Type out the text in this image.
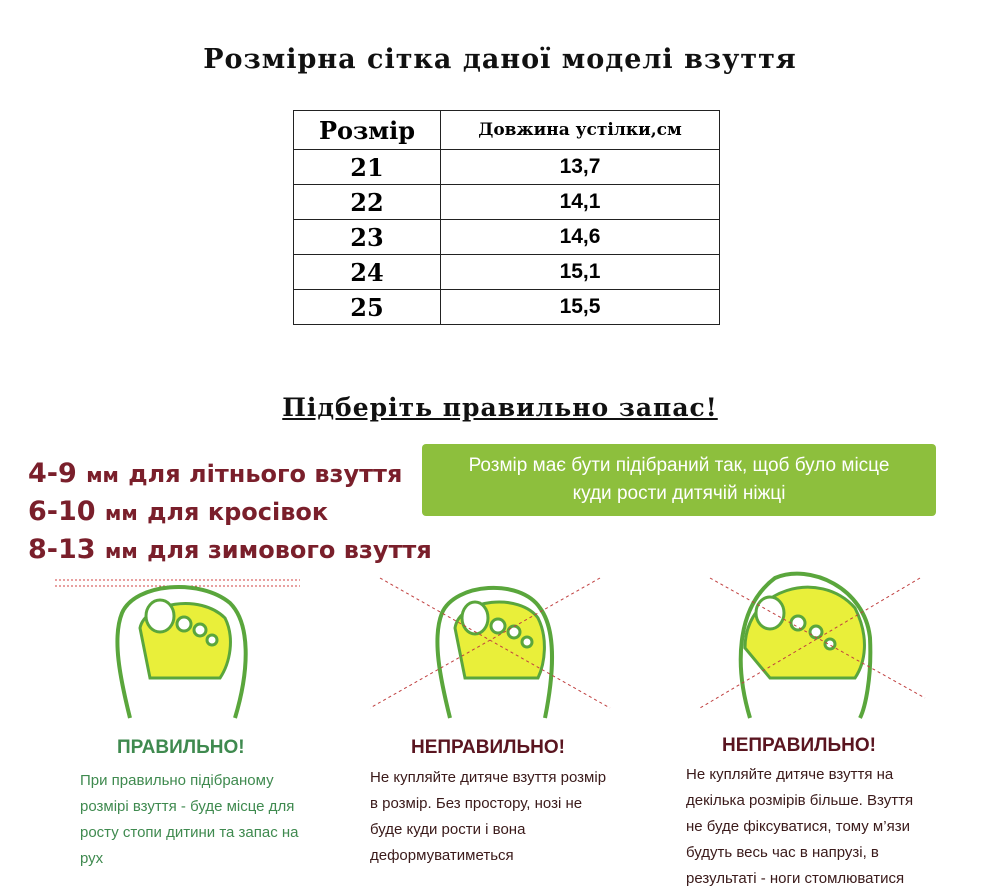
Розмірна сітка даної моделі взуття
Розмір	Довжина устілки,см
21	13,7
22	14,1
23	14,6
24	15,1
25	15,5
Підберіть правильно запас!
4-9 мм для літнього взуття
6-10 мм для кросівок
8-13 мм для зимового взуття
Розмір має бути підібраний так, щоб було місце
куди рости дитячій ніжці
ПРАВИЛЬНО!
При правильно підібраному
розмірі взуття - буде місце для
росту стопи дитини та запас на
рух
НЕПРАВИЛЬНО!
Не купляйте дитяче взуття розмір
в розмір. Без простору, нозі не
буде куди рости і вона
деформуватиметься
НЕПРАВИЛЬНО!
Не купляйте дитяче взуття на
декілька розмірів більше. Взуття
не буде фіксуватися, тому м’язи
будуть весь час в напрузі, в
результаті - ноги стомлюватися
